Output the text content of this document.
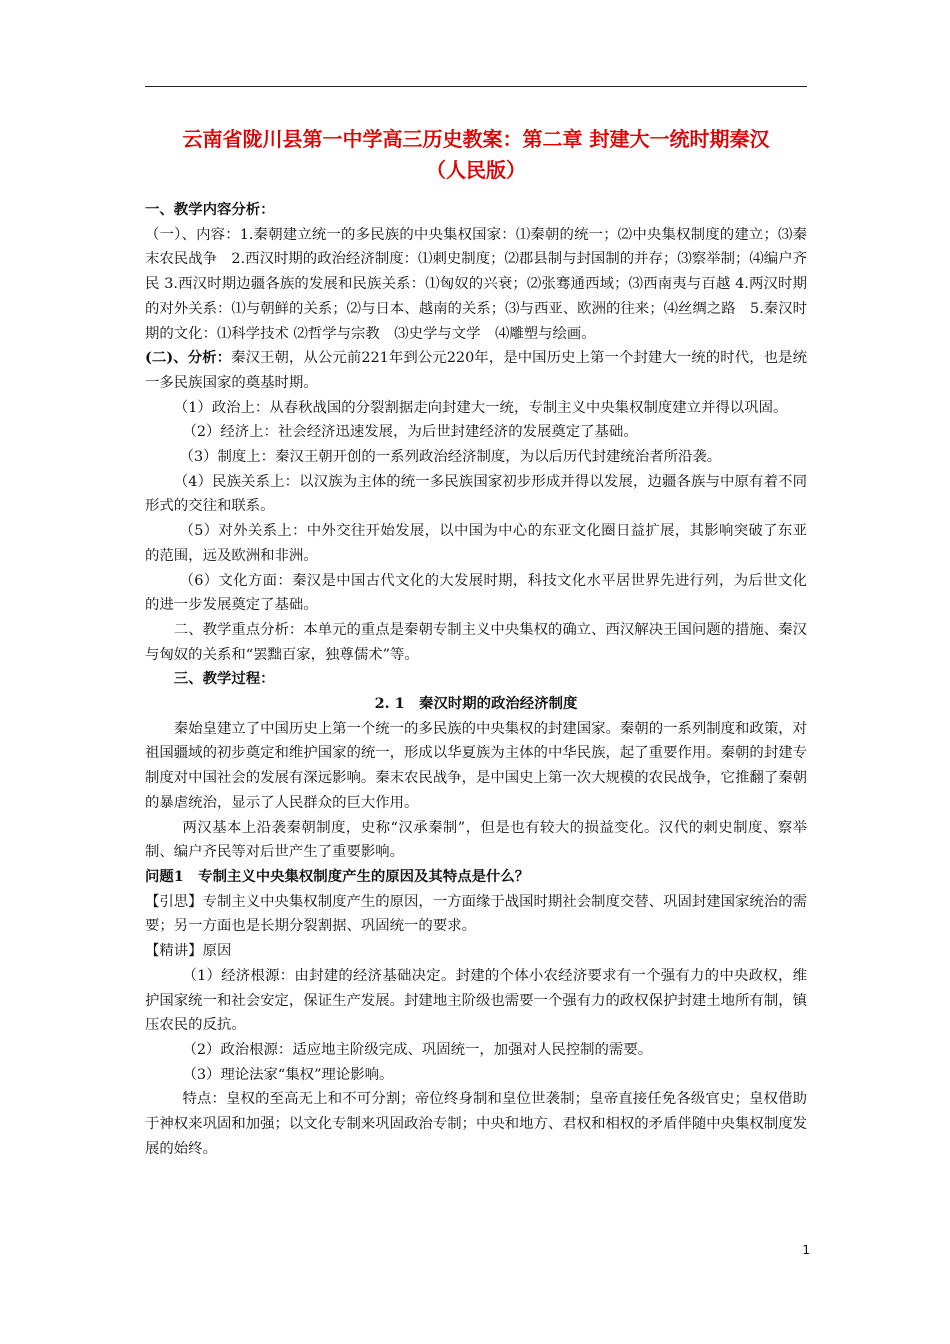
云南省陇川县第一中学高三历史教案：第二章 封建大一统时期秦汉
（人民版）

一、教学内容分析：

（一）、内容：1.秦朝建立统一的多民族的中央集权国家：⑴秦朝的统一；⑵中央集权制度的建立；⑶秦末农民战争　2.西汉时期的政治经济制度：⑴刺史制度；⑵郡县制与封国制的并存；⑶察举制；⑷编户齐民 3.西汉时期边疆各族的发展和民族关系：⑴匈奴的兴衰；⑵张骞通西域；⑶西南夷与百越 4.两汉时期的对外关系：⑴与朝鲜的关系；⑵与日本、越南的关系；⑶与西亚、欧洲的往来；⑷丝绸之路　5.秦汉时期的文化：⑴科学技术 ⑵哲学与宗教　⑶史学与文学　⑷雕塑与绘画。

(二)、分析：秦汉王朝，从公元前221年到公元220年，是中国历史上第一个封建大一统的时代，也是统一多民族国家的奠基时期。

（1）政治上：从春秋战国的分裂割据走向封建大一统，专制主义中央集权制度建立并得以巩固。

（2）经济上：社会经济迅速发展，为后世封建经济的发展奠定了基础。

（3）制度上：秦汉王朝开创的一系列政治经济制度，为以后历代封建统治者所沿袭。

（4）民族关系上：以汉族为主体的统一多民族国家初步形成并得以发展，边疆各族与中原有着不同形式的交往和联系。

（5）对外关系上：中外交往开始发展，以中国为中心的东亚文化圈日益扩展，其影响突破了东亚的范围，远及欧洲和非洲。

（6）文化方面：秦汉是中国古代文化的大发展时期，科技文化水平居世界先进行列，为后世文化的进一步发展奠定了基础。

二、教学重点分析：本单元的重点是秦朝专制主义中央集权的确立、西汉解决王国问题的措施、秦汉与匈奴的关系和“罢黜百家，独尊儒术”等。

三、教学过程：

2. 1　秦汉时期的政治经济制度

秦始皇建立了中国历史上第一个统一的多民族的中央集权的封建国家。秦朝的一系列制度和政策，对祖国疆域的初步奠定和维护国家的统一，形成以华夏族为主体的中华民族，起了重要作用。秦朝的封建专制度对中国社会的发展有深远影响。秦末农民战争，是中国史上第一次大规模的农民战争，它推翻了秦朝的暴虐统治，显示了人民群众的巨大作用。

两汉基本上沿袭秦朝制度，史称“汉承秦制”，但是也有较大的损益变化。汉代的刺史制度、察举制、编户齐民等对后世产生了重要影响。

问题1　专制主义中央集权制度产生的原因及其特点是什么？

【引思】专制主义中央集权制度产生的原因，一方面缘于战国时期社会制度交替、巩固封建国家统治的需要；另一方面也是长期分裂割据、巩固统一的要求。

【精讲】原因

（1）经济根源：由封建的经济基础决定。封建的个体小农经济要求有一个强有力的中央政权，维护国家统一和社会安定，保证生产发展。封建地主阶级也需要一个强有力的政权保护封建土地所有制，镇压农民的反抗。

（2）政治根源：适应地主阶级完成、巩固统一，加强对人民控制的需要。

（3）理论法家“集权”理论影响。

特点：皇权的至高无上和不可分割；帝位终身制和皇位世袭制；皇帝直接任免各级官史；皇权借助于神权来巩固和加强；以文化专制来巩固政治专制；中央和地方、君权和相权的矛盾伴随中央集权制度发展的始终。

1
